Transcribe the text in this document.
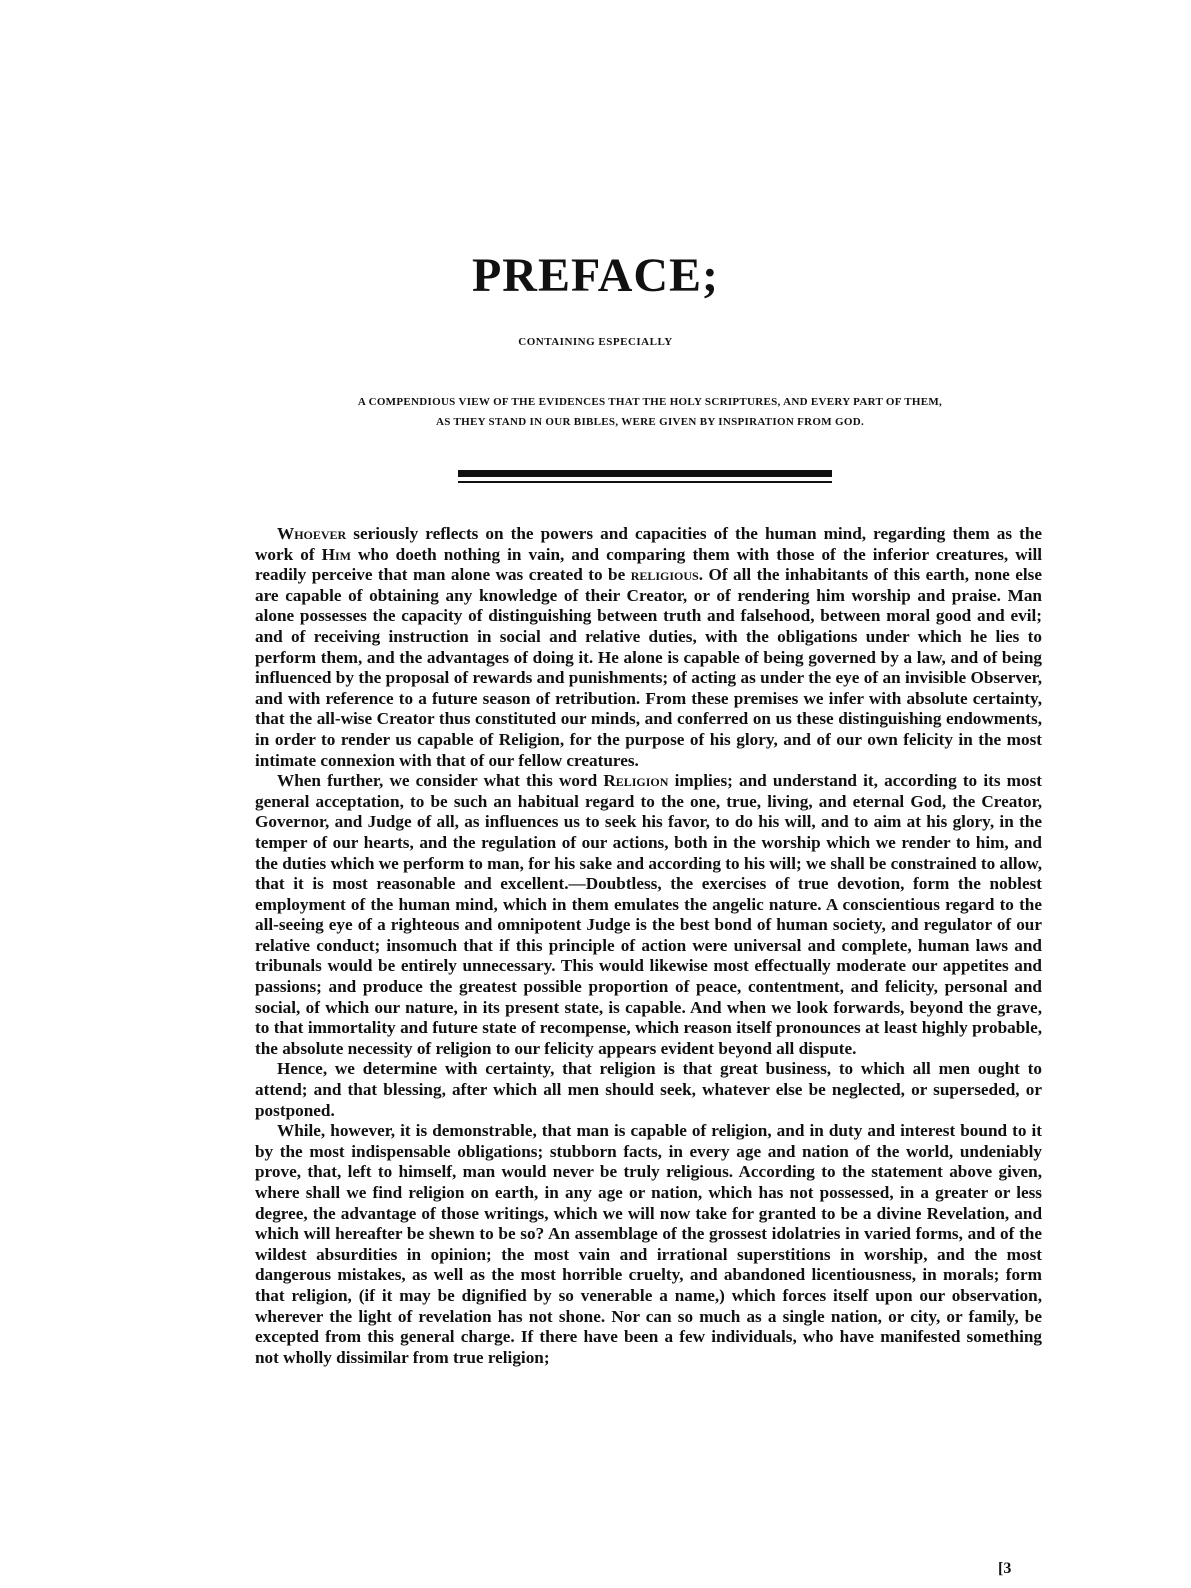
PREFACE;

CONTAINING ESPECIALLY

A COMPENDIOUS VIEW OF THE EVIDENCES THAT THE HOLY SCRIPTURES, AND EVERY PART OF THEM,
AS THEY STAND IN OUR BIBLES, WERE GIVEN BY INSPIRATION FROM GOD.

Whoever seriously reflects on the powers and capacities of the human mind, regarding them as the work of Him who doeth nothing in vain, and comparing them with those of the inferior creatures, will readily perceive that man alone was created to be religious. Of all the inhabitants of this earth, none else are capable of obtaining any knowledge of their Creator, or of rendering him worship and praise. Man alone possesses the capacity of distinguishing between truth and falsehood, between moral good and evil; and of receiving instruction in social and relative duties, with the obligations under which he lies to perform them, and the advantages of doing it. He alone is capable of being governed by a law, and of being influenced by the proposal of rewards and punishments; of acting as under the eye of an invisible Observer, and with reference to a future season of retribution. From these premises we infer with absolute certainty, that the all-wise Creator thus constituted our minds, and conferred on us these distinguishing endowments, in order to render us capable of Religion, for the purpose of his glory, and of our own felicity in the most intimate connexion with that of our fellow creatures.

When further, we consider what this word Religion implies; and understand it, according to its most general acceptation, to be such an habitual regard to the one, true, living, and eternal God, the Creator, Governor, and Judge of all, as influences us to seek his favor, to do his will, and to aim at his glory, in the temper of our hearts, and the regulation of our actions, both in the worship which we render to him, and the duties which we perform to man, for his sake and according to his will; we shall be constrained to allow, that it is most reasonable and excellent.—Doubtless, the exercises of true devotion, form the noblest employment of the human mind, which in them emulates the angelic nature. A conscientious regard to the all-seeing eye of a righteous and omnipotent Judge is the best bond of human society, and regulator of our relative conduct; insomuch that if this principle of action were universal and complete, human laws and tribunals would be entirely unnecessary. This would likewise most effectually moderate our appetites and passions; and produce the greatest possible proportion of peace, contentment, and felicity, personal and social, of which our nature, in its present state, is capable. And when we look forwards, beyond the grave, to that immortality and future state of recompense, which reason itself pronounces at least highly probable, the absolute necessity of religion to our felicity appears evident beyond all dispute.

Hence, we determine with certainty, that religion is that great business, to which all men ought to attend; and that blessing, after which all men should seek, whatever else be neglected, or superseded, or postponed.

While, however, it is demonstrable, that man is capable of religion, and in duty and interest bound to it by the most indispensable obligations; stubborn facts, in every age and nation of the world, undeniably prove, that, left to himself, man would never be truly religious. According to the statement above given, where shall we find religion on earth, in any age or nation, which has not possessed, in a greater or less degree, the advantage of those writings, which we will now take for granted to be a divine Revelation, and which will hereafter be shewn to be so? An assemblage of the grossest idolatries in varied forms, and of the wildest absurdities in opinion; the most vain and irrational superstitions in worship, and the most dangerous mistakes, as well as the most horrible cruelty, and abandoned licentiousness, in morals; form that religion, (if it may be dignified by so venerable a name,) which forces itself upon our observation, wherever the light of revelation has not shone. Nor can so much as a single nation, or city, or family, be excepted from this general charge. If there have been a few individuals, who have manifested something not wholly dissimilar from true religion;

[3
